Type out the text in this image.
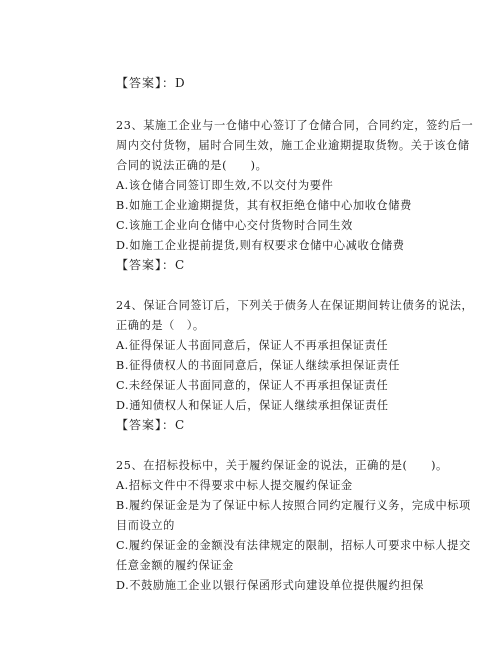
【答案】：D
23、某施工企业与一仓储中心签订了仓储合同，合同约定，签约后一
周内交付货物，届时合同生效，施工企业逾期提取货物。关于该仓储
合同的说法正确的是(　　)。
A.该仓储合同签订即生效,不以交付为要件
B.如施工企业逾期提货，其有权拒绝仓储中心加收仓储费
C.该施工企业向仓储中心交付货物时合同生效
D.如施工企业提前提货,则有权要求仓储中心减收仓储费
【答案】：C
24、保证合同签订后，下列关于债务人在保证期间转让债务的说法，
正确的是（　）。
A.征得保证人书面同意后，保证人不再承担保证责任
B.征得债权人的书面同意后，保证人继续承担保证责任
C.未经保证人书面同意的，保证人不再承担保证责任
D.通知债权人和保证人后，保证人继续承担保证责任
【答案】：C
25、在招标投标中，关于履约保证金的说法，正确的是(　　)。
A.招标文件中不得要求中标人提交履约保证金
B.履约保证金是为了保证中标人按照合同约定履行义务，完成中标项
目而设立的
C.履约保证金的金额没有法律规定的限制，招标人可要求中标人提交
任意金额的履约保证金
D.不鼓励施工企业以银行保函形式向建设单位提供履约担保
